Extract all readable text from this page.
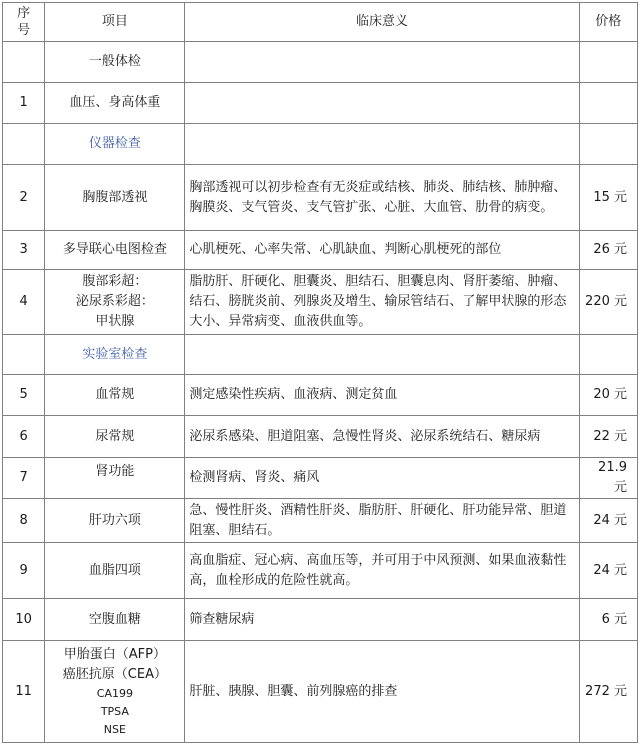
序
号	项目	临床意义	价格
	一般体检		
1	血压、身高体重		
	仪器检查		
2	胸腹部透视	胸部透视可以初步检查有无炎症或结核、肺炎、肺结核、肺肿瘤、胸膜炎、支气管炎、支气管扩张、心脏、大血管、肋骨的病变。	15 元
3	多导联心电图检查	心肌梗死、心率失常、心肌缺血、判断心肌梗死的部位	26 元
4	腹部彩超：
泌尿系彩超：
甲状腺	脂肪肝、肝硬化、胆囊炎、胆结石、胆囊息肉、肾肝萎缩、肿瘤、结石、膀胱炎前、列腺炎及增生、输尿管结石、了解甲状腺的形态大小、异常病变、血液供血等。	220 元
	实验室检查		
5	血常规	测定感染性疾病、血液病、测定贫血	20 元
6	尿常规	泌尿系感染、胆道阻塞、急慢性肾炎、泌尿系统结石、糖尿病	22 元
7	肾功能	检测肾病、肾炎、痛风	21.9 元
8	肝功六项	急、慢性肝炎、酒精性肝炎、脂肪肝、肝硬化、肝功能异常、胆道阻塞、胆结石。	24 元
9	血脂四项	高血脂症、冠心病、高血压等，并可用于中风预测、如果血液黏性高，血栓形成的危险性就高。	24 元
10	空腹血糖	筛查糖尿病	6 元
11	甲胎蛋白（AFP）
癌胚抗原（CEA）
CA199
TPSA
NSE	肝脏、胰腺、胆囊、前列腺癌的排查	272 元
